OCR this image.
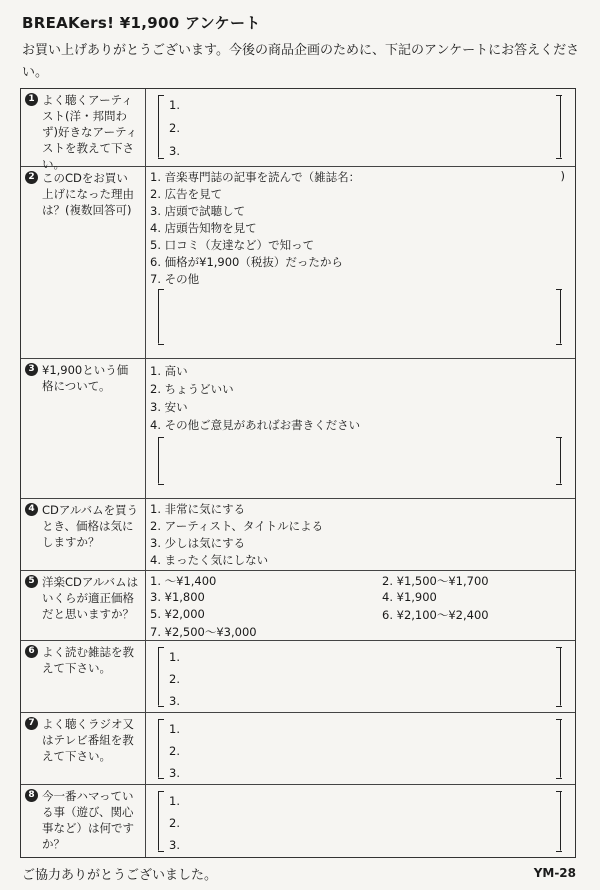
BREAKers! ¥1,900 アンケート
お買い上げありがとうございます。今後の商品企画のために、下記のアンケートにお答えください。
1 よく聴くアーティスト(洋・邦問わず)好きなアーティストを教えて下さい。
1.
2.
3.
2 このCDをお買い上げになった理由は？(複数回答可)
1. 音楽専門誌の記事を読んで（雑誌名：	)
2. 広告を見て
3. 店頭で試聴して
4. 店頭告知物を見て
5. 口コミ（友達など）で知って
6. 価格が¥1,900（税抜）だったから
7. その他
3 ¥1,900という価格について。
1. 高い
2. ちょうどいい
3. 安い
4. その他ご意見があればお書きください
4 CDアルバムを買うとき、価格は気にしますか？
1. 非常に気にする
2. アーティスト、タイトルによる
3. 少しは気にする
4. まったく気にしない
5 洋楽CDアルバムはいくらが適正価格だと思いますか？
1. 〜¥1,400	2. ¥1,500〜¥1,700
3. ¥1,800	4. ¥1,900
5. ¥2,000	6. ¥2,100〜¥2,400
7. ¥2,500〜¥3,000
6 よく読む雑誌を教えて下さい。
1.
2.
3.
7 よく聴くラジオ又はテレビ番組を教えて下さい。
1.
2.
3.
8 今一番ハマっている事（遊び、関心事など）は何ですか？
1.
2.
3.
ご協力ありがとうございました。	YM-28
